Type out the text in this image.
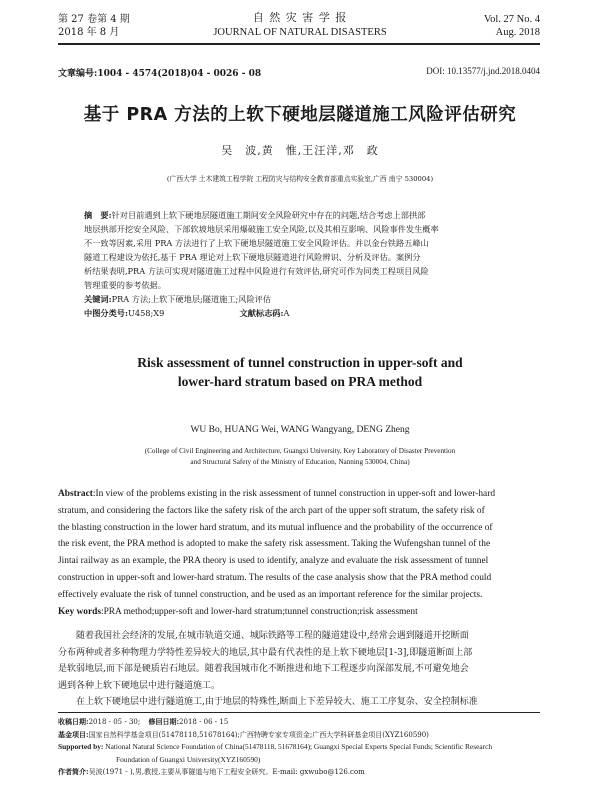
第 27 卷第 4 期
2018 年 8 月
自 然 灾 害 学 报
JOURNAL OF NATURAL DISASTERS
Vol. 27 No. 4
Aug. 2018
文章编号:1004 - 4574(2018)04 - 0026 - 08	DOI: 10.13577/j.jnd.2018.0404
基于 PRA 方法的上软下硬地层隧道施工风险评估研究
吴　波,黄　惟,王汪洋,邓　政
(广西大学 土木建筑工程学院 工程防灾与结构安全教育部重点实验室,广西 南宁 530004)
摘　要:针对目前遇到上软下硬地层隧道施工期间安全风险研究中存在的问题,结合考虑上部拱部
地层拱部开挖安全风险、下部软坡地层采用爆破施工安全风险,以及其相互影响、风险事件发生概率
不一致等因素,采用 PRA 方法进行了上软下硬地层隧道施工安全风险评估。并以金台铁路五峰山
隧道工程建设为依托,基于 PRA 理论对上软下硬地层隧道进行风险辨识、分析及评估。案例分
析结果表明,PRA 方法可实现对隧道施工过程中风险进行有效评估,研究可作为同类工程项目风险
管理重要的参考依据。
关键词:PRA 方法;上软下硬地层;隧道施工;风险评估
中图分类号:U458;X9	文献标志码:A
Risk assessment of tunnel construction in upper-soft and
lower-hard stratum based on PRA method
WU Bo, HUANG Wei, WANG Wangyang, DENG Zheng
(College of Civil Engineering and Architecture, Guangxi University, Key Laboratory of Disaster Prevention
and Structural Safety of the Ministry of Education, Nanning 530004, China)
Abstract:In view of the problems existing in the risk assessment of tunnel construction in upper-soft and lower-hard
stratum, and considering the factors like the safety risk of the arch part of the upper soft stratum, the safety risk of
the blasting construction in the lower hard stratum, and its mutual influence and the probability of the occurrence of
the risk event, the PRA method is adopted to make the safety risk assessment. Taking the Wufengshan tunnel of the
Jintai railway as an example, the PRA theory is used to identify, analyze and evaluate the risk assessment of tunnel
construction in upper-soft and lower-hard stratum. The results of the case analysis show that the PRA method could
effectively evaluate the risk of tunnel construction, and be used as an important reference for the similar projects.
Key words:PRA method;upper-soft and lower-hard stratum;tunnel construction;risk assessment
　　随着我国社会经济的发展,在城市轨道交通、城际铁路等工程的隧道建设中,经常会遇到隧道开挖断面
分布两种或者多种物理力学特性差异较大的地层,其中最有代表性的是上软下硬地层[1-3],即隧道断面上部
是软弱地层,而下部是硬质岩石地层。随着我国城市化不断推进和地下工程逐步向深部发展,不可避免地会
遇到各种上软下硬地层中进行隧道施工。
　　在上软下硬地层中进行隧道施工,由于地层的特殊性,断面上下差异较大、施工工序复杂、安全控制标准
收稿日期:2018 - 05 - 30; 修回日期:2018 - 06 - 15
基金项目:国家自然科学基金项目(51478118,51678164);广西特聘专家专项资金;广西大学科研基金项目(XYZ160590)
Supported by: National Natural Science Foundation of China(51478118, 51678164); Guangxi Special Experts Special Funds; Scientific Research
Foundation of Guangxi University(XYZ160590)
作者简介:吴波(1971 - ),男,教授,主要从事隧道与地下工程安全研究。E-mail: gxwubo@126.com
